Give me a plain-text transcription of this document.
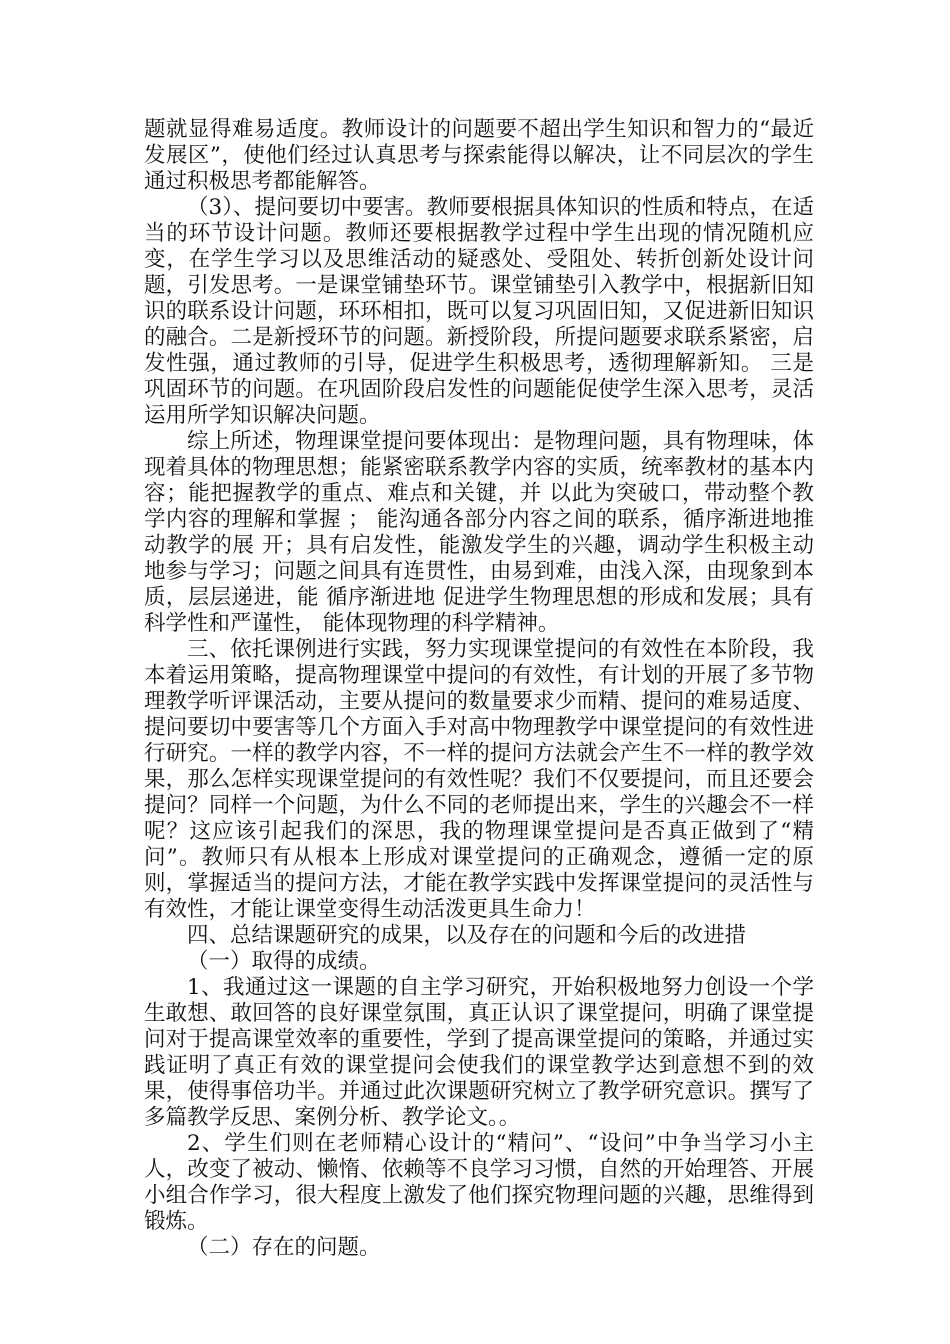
题就显得难易适度。教师设计的问题要不超出学生知识和智力的“最近发展区”，使他们经过认真思考与探索能得以解决，让不同层次的学生通过积极思考都能解答。

（3）、提问要切中要害。教师要根据具体知识的性质和特点，在适当的环节设计问题。教师还要根据教学过程中学生出现的情况随机应变，在学生学习以及思维活动的疑惑处、受阻处、转折创新处设计问题，引发思考。一是课堂铺垫环节。课堂铺垫引入教学中，根据新旧知识的联系设计问题，环环相扣，既可以复习巩固旧知，又促进新旧知识的融合。二是新授环节的问题。新授阶段，所提问题要求联系紧密，启发性强，通过教师的引导，促进学生积极思考，透彻理解新知。 三是巩固环节的问题。在巩固阶段启发性的问题能促使学生深入思考，灵活运用所学知识解决问题。

综上所述，物理课堂提问要体现出：是物理问题，具有物理味，体现着具体的物理思想；能紧密联系教学内容的实质，统率教材的基本内容；能把握教学的重点、难点和关键，并 以此为突破口，带动整个教学内容的理解和掌握 ； 能沟通各部分内容之间的联系，循序渐进地推动教学的展 开；具有启发性，能激发学生的兴趣，调动学生积极主动地参与学习；问题之间具有连贯性，由易到难，由浅入深，由现象到本质，层层递进，能 循序渐进地 促进学生物理思想的形成和发展；具有科学性和严谨性， 能体现物理的科学精神。

三、依托课例进行实践，努力实现课堂提问的有效性在本阶段，我本着运用策略，提高物理课堂中提问的有效性，有计划的开展了多节物理教学听评课活动，主要从提问的数量要求少而精、提问的难易适度、提问要切中要害等几个方面入手对高中物理教学中课堂提问的有效性进行研究。一样的教学内容，不一样的提问方法就会产生不一样的教学效果，那么怎样实现课堂提问的有效性呢？我们不仅要提问，而且还要会提问？同样一个问题，为什么不同的老师提出来，学生的兴趣会不一样呢？这应该引起我们的深思，我的物理课堂提问是否真正做到了“精问”。教师只有从根本上形成对课堂提问的正确观念，遵循一定的原则，掌握适当的提问方法，才能在教学实践中发挥课堂提问的灵活性与有效性，才能让课堂变得生动活泼更具生命力！

四、总结课题研究的成果，以及存在的问题和今后的改进措

（一）取得的成绩。

1、我通过这一课题的自主学习研究，开始积极地努力创设一个学生敢想、敢回答的良好课堂氛围，真正认识了课堂提问，明确了课堂提问对于提高课堂效率的重要性，学到了提高课堂提问的策略，并通过实践证明了真正有效的课堂提问会使我们的课堂教学达到意想不到的效果，使得事倍功半。并通过此次课题研究树立了教学研究意识。撰写了多篇教学反思、案例分析、教学论文。。

2、学生们则在老师精心设计的“精问”、“设问”中争当学习小主人，改变了被动、懒惰、依赖等不良学习习惯，自然的开始理答、开展小组合作学习，很大程度上激发了他们探究物理问题的兴趣，思维得到锻炼。

（二）存在的问题。
